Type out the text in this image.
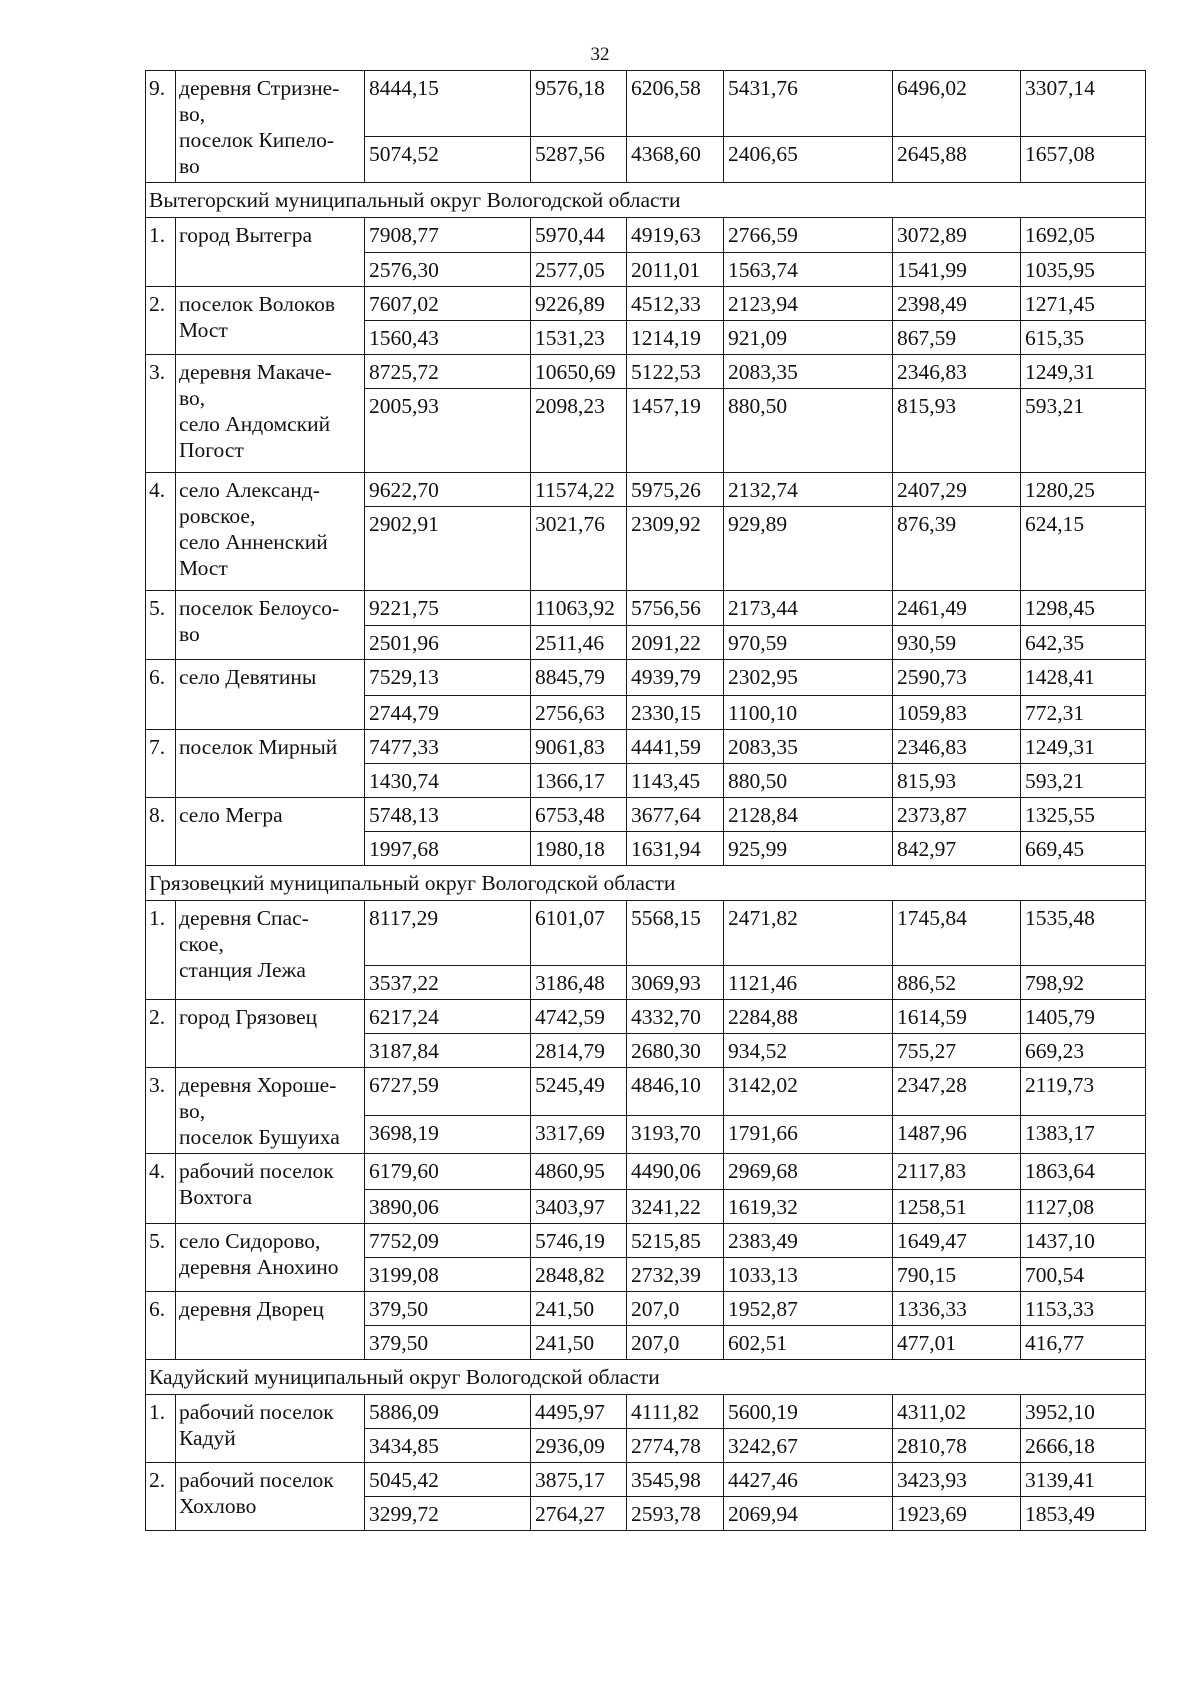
32
9.	деревня Стризне-
во,
поселок Кипело-
во	8444,15	9576,18	6206,58	5431,76	6496,02	3307,14
		5074,52	5287,56	4368,60	2406,65	2645,88	1657,08
Вытегорский муниципальный округ Вологодской области							
1.	город Вытегра	7908,77	5970,44	4919,63	2766,59	3072,89	1692,05
		2576,30	2577,05	2011,01	1563,74	1541,99	1035,95
2.	поселок Волоков
Мост	7607,02	9226,89	4512,33	2123,94	2398,49	1271,45
		1560,43	1531,23	1214,19	921,09	867,59	615,35
3.	деревня Макаче-
во,
село Андомский
Погост	8725,72	10650,69	5122,53	2083,35	2346,83	1249,31
		2005,93	2098,23	1457,19	880,50	815,93	593,21
4.	село Александ-
ровское,
село Анненский
Мост	9622,70	11574,22	5975,26	2132,74	2407,29	1280,25
		2902,91	3021,76	2309,92	929,89	876,39	624,15
5.	поселок Белоусо-
во	9221,75	11063,92	5756,56	2173,44	2461,49	1298,45
		2501,96	2511,46	2091,22	970,59	930,59	642,35
6.	село Девятины	7529,13	8845,79	4939,79	2302,95	2590,73	1428,41
		2744,79	2756,63	2330,15	1100,10	1059,83	772,31
7.	поселок Мирный	7477,33	9061,83	4441,59	2083,35	2346,83	1249,31
		1430,74	1366,17	1143,45	880,50	815,93	593,21
8.	село Мегра	5748,13	6753,48	3677,64	2128,84	2373,87	1325,55
		1997,68	1980,18	1631,94	925,99	842,97	669,45
Грязовецкий муниципальный округ Вологодской области							
1.	деревня Спас-
ское,
станция Лежа	8117,29	6101,07	5568,15	2471,82	1745,84	1535,48
		3537,22	3186,48	3069,93	1121,46	886,52	798,92
2.	город Грязовец	6217,24	4742,59	4332,70	2284,88	1614,59	1405,79
		3187,84	2814,79	2680,30	934,52	755,27	669,23
3.	деревня Хороше-
во,
поселок Бушуиха	6727,59	5245,49	4846,10	3142,02	2347,28	2119,73
		3698,19	3317,69	3193,70	1791,66	1487,96	1383,17
4.	рабочий поселок
Вохтога	6179,60	4860,95	4490,06	2969,68	2117,83	1863,64
		3890,06	3403,97	3241,22	1619,32	1258,51	1127,08
5.	село Сидорово,
деревня Анохино	7752,09	5746,19	5215,85	2383,49	1649,47	1437,10
		3199,08	2848,82	2732,39	1033,13	790,15	700,54
6.	деревня Дворец	379,50	241,50	207,0	1952,87	1336,33	1153,33
		379,50	241,50	207,0	602,51	477,01	416,77
Кадуйский муниципальный округ Вологодской области							
1.	рабочий поселок
Кадуй	5886,09	4495,97	4111,82	5600,19	4311,02	3952,10
		3434,85	2936,09	2774,78	3242,67	2810,78	2666,18
2.	рабочий поселок
Хохлово	5045,42	3875,17	3545,98	4427,46	3423,93	3139,41
		3299,72	2764,27	2593,78	2069,94	1923,69	1853,49
